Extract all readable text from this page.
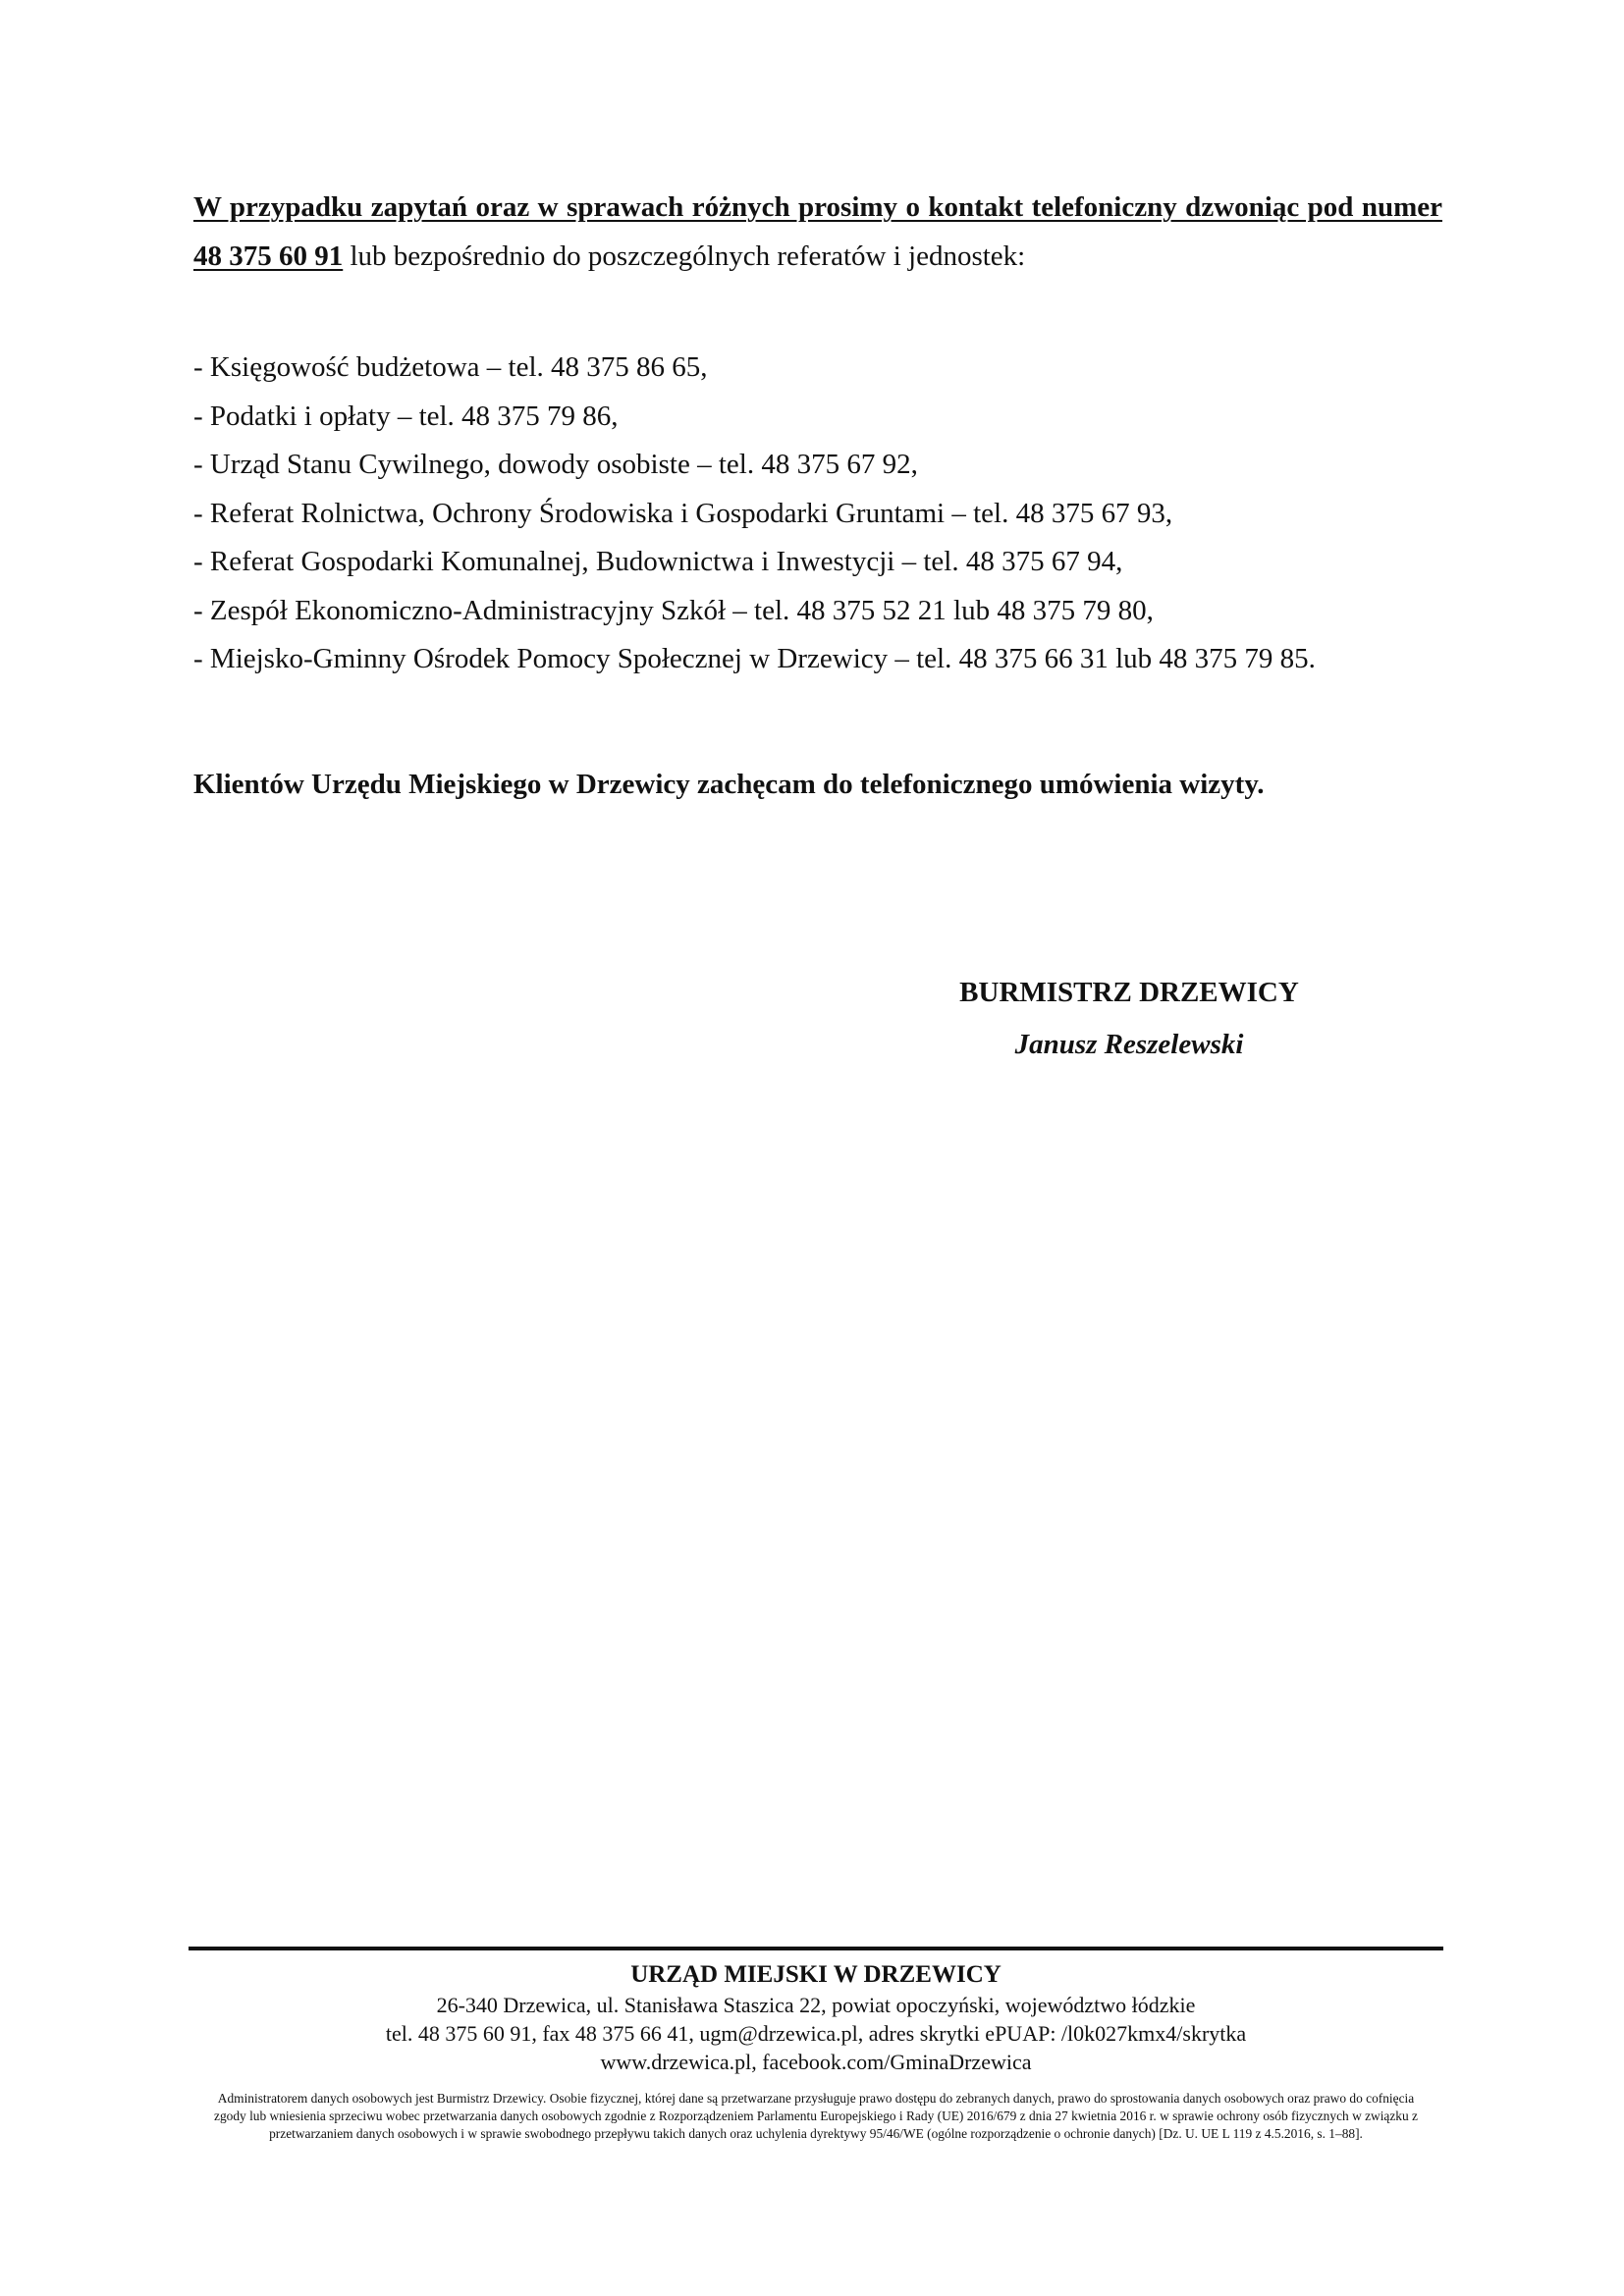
W przypadku zapytań oraz w sprawach różnych prosimy o kontakt telefoniczny dzwoniąc pod numer 48 375 60 91 lub bezpośrednio do poszczególnych referatów i jednostek:

- Księgowość budżetowa – tel. 48 375 86 65,
- Podatki i opłaty – tel. 48 375 79 86,
- Urząd Stanu Cywilnego, dowody osobiste – tel. 48 375 67 92,
- Referat Rolnictwa, Ochrony Środowiska i Gospodarki Gruntami – tel. 48 375 67 93,
- Referat Gospodarki Komunalnej, Budownictwa i Inwestycji – tel. 48 375 67 94,
- Zespół Ekonomiczno-Administracyjny Szkół – tel. 48 375 52 21 lub 48 375 79 80,
- Miejsko-Gminny Ośrodek Pomocy Społecznej w Drzewicy – tel. 48 375 66 31 lub 48 375 79 85.

Klientów Urzędu Miejskiego w Drzewicy zachęcam do telefonicznego umówienia wizyty.

BURMISTRZ DRZEWICY
Janusz Reszelewski
URZĄD MIEJSKI W DRZEWICY
26-340 Drzewica, ul. Stanisława Staszica 22, powiat opoczyński, województwo łódzkie
tel. 48 375 60 91, fax 48 375 66 41, ugm@drzewica.pl, adres skrytki ePUAP: /l0k027kmx4/skrytka
www.drzewica.pl, facebook.com/GminaDrzewica
Administratorem danych osobowych jest Burmistrz Drzewicy. Osobie fizycznej, której dane są przetwarzane przysługuje prawo dostępu do zebranych danych, prawo do sprostowania danych osobowych oraz prawo do cofnięcia zgody lub wniesienia sprzeciwu wobec przetwarzania danych osobowych zgodnie z Rozporządzeniem Parlamentu Europejskiego i Rady (UE) 2016/679 z dnia 27 kwietnia 2016 r. w sprawie ochrony osób fizycznych w związku z przetwarzaniem danych osobowych i w sprawie swobodnego przepływu takich danych oraz uchylenia dyrektywy 95/46/WE (ogólne rozporządzenie o ochronie danych) [Dz. U. UE L 119 z 4.5.2016, s. 1–88].
